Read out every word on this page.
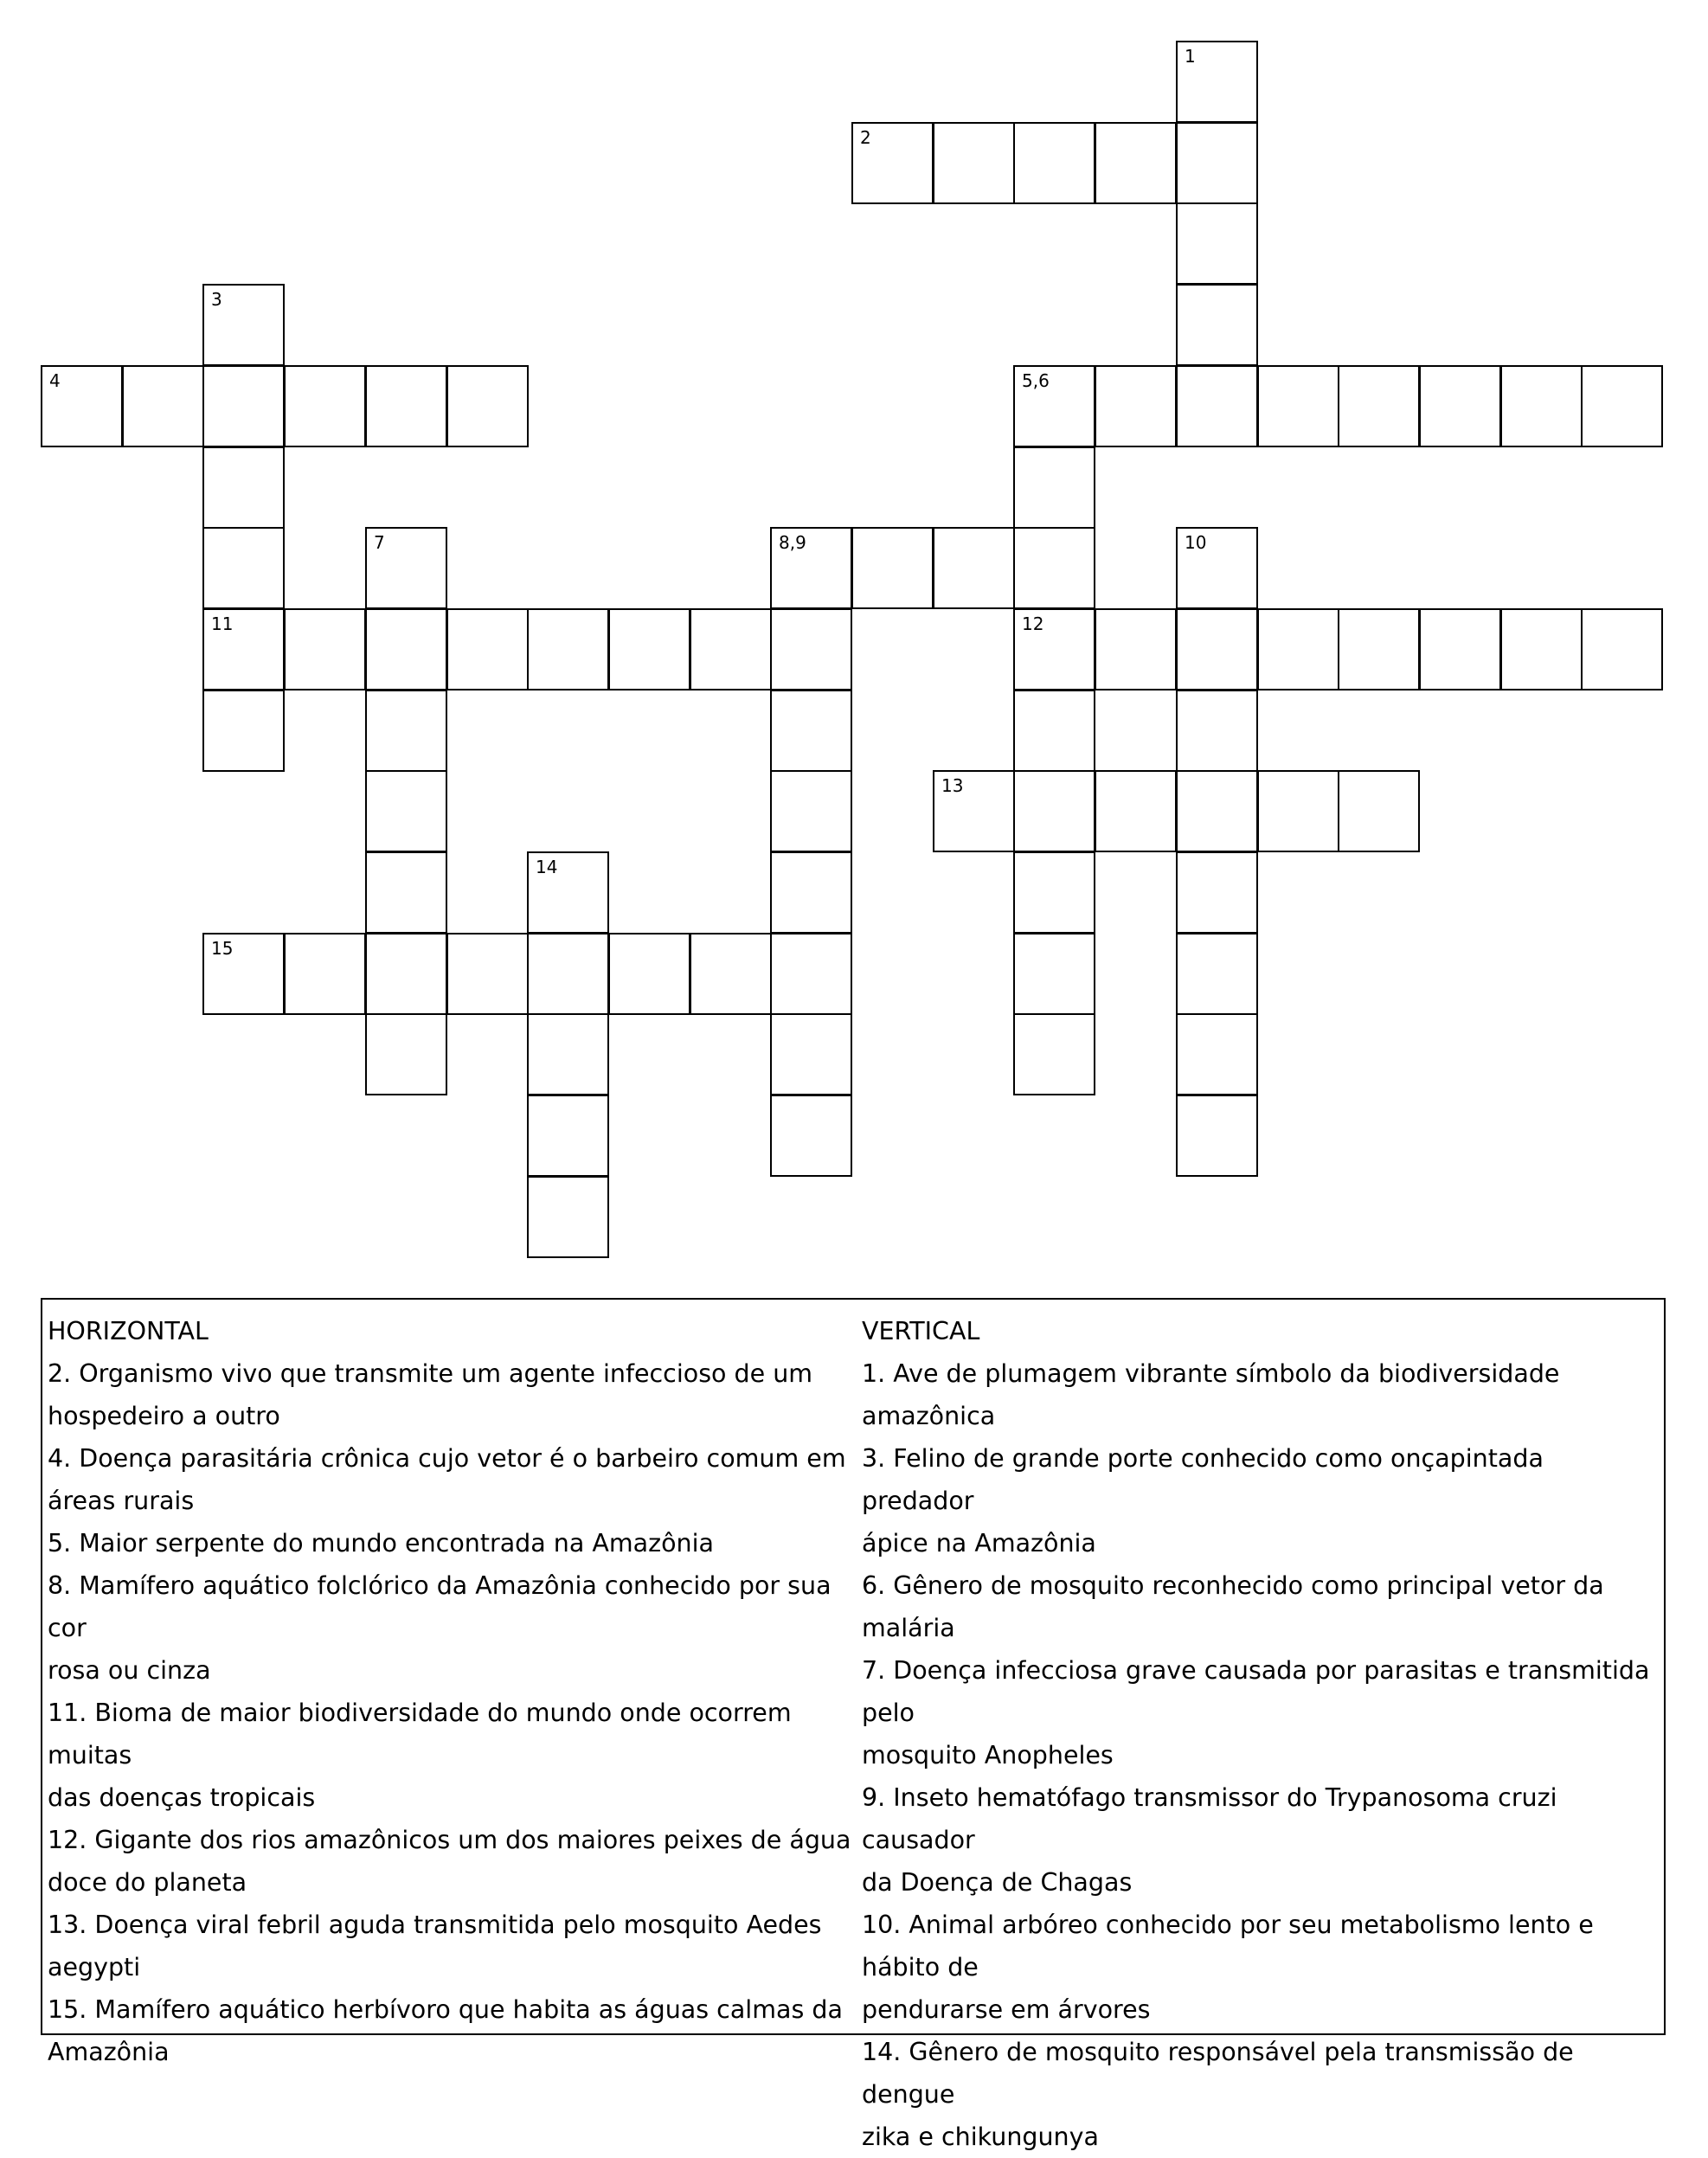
1
2
3
11
4	5,6
12
7	8,9	10
13
14
15
HORIZONTAL
2. Organismo vivo que transmite um agente infeccioso de um
hospedeiro a outro
4. Doença parasitária crônica cujo vetor é o barbeiro comum em
áreas rurais
5. Maior serpente do mundo encontrada na Amazônia
8. Mamífero aquático folclórico da Amazônia conhecido por sua cor
rosa ou cinza
11. Bioma de maior biodiversidade do mundo onde ocorrem muitas
das doenças tropicais
12. Gigante dos rios amazônicos um dos maiores peixes de água
doce do planeta
13. Doença viral febril aguda transmitida pelo mosquito Aedes
aegypti
15. Mamífero aquático herbívoro que habita as águas calmas da
Amazônia
VERTICAL
1. Ave de plumagem vibrante símbolo da biodiversidade amazônica
3. Felino de grande porte conhecido como onçapintada predador
ápice na Amazônia
6. Gênero de mosquito reconhecido como principal vetor da malária
7. Doença infecciosa grave causada por parasitas e transmitida pelo
mosquito Anopheles
9. Inseto hematófago transmissor do Trypanosoma cruzi causador
da Doença de Chagas
10. Animal arbóreo conhecido por seu metabolismo lento e hábito de
pendurarse em árvores
14. Gênero de mosquito responsável pela transmissão de dengue
zika e chikungunya
